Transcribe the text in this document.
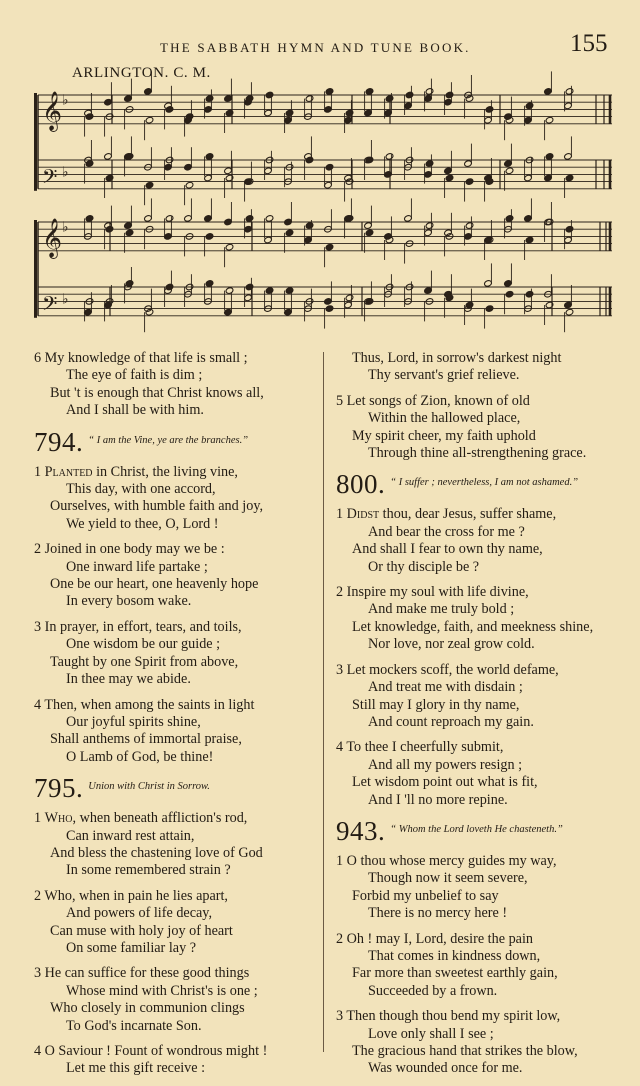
THE SABBATH HYMN AND TUNE BOOK.	155
ARLINGTON. C. M.
𝄞 ♭
𝄢 ♭
𝄞 ♭
𝄢 ♭
6 My knowledge of that life is small ;
The eye of faith is dim ;
But 't is enough that Christ knows all,
And I shall be with him.
794. $^{“ I am the Vine, ye are the branches.”}$
1 Planted in Christ, the living vine,
This day, with one accord,
Ourselves, with humble faith and joy,
We yield to thee, O, Lord !
2 Joined in one body may we be :
One inward life partake ;
One be our heart, one heavenly hope
In every bosom wake.
3 In prayer, in effort, tears, and toils,
One wisdom be our guide ;
Taught by one Spirit from above,
In thee may we abide.
4 Then, when among the saints in light
Our joyful spirits shine,
Shall anthems of immortal praise,
O Lamb of God, be thine!
795. $^{Union with Christ in Sorrow.}$
1 Who, when beneath affliction's rod,
Can inward rest attain,
And bless the chastening love of God
In some remembered strain ?
2 Who, when in pain he lies apart,
And powers of life decay,
Can muse with holy joy of heart
On some familiar lay ?
3 He can suffice for these good things
Whose mind with Christ's is one ;
Who closely in communion clings
To God's incarnate Son.
4 O Saviour ! Fount of wondrous might !
Let me this gift receive :
Thus, Lord, in sorrow's darkest night
Thy servant's grief relieve.
5 Let songs of Zion, known of old
Within the hallowed place,
My spirit cheer, my faith uphold
Through thine all-strengthening grace.
800. $^{“ I suffer ; nevertheless, I am not ashamed.”}$
1 Didst thou, dear Jesus, suffer shame,
And bear the cross for me ?
And shall I fear to own thy name,
Or thy disciple be ?
2 Inspire my soul with life divine,
And make me truly bold ;
Let knowledge, faith, and meekness shine,
Nor love, nor zeal grow cold.
3 Let mockers scoff, the world defame,
And treat me with disdain ;
Still may I glory in thy name,
And count reproach my gain.
4 To thee I cheerfully submit,
And all my powers resign ;
Let wisdom point out what is fit,
And I 'll no more repine.
943. $^{“ Whom the Lord loveth He chasteneth.”}$
1 O thou whose mercy guides my way,
Though now it seem severe,
Forbid my unbelief to say
There is no mercy here !
2 Oh ! may I, Lord, desire the pain
That comes in kindness down,
Far more than sweetest earthly gain,
Succeeded by a frown.
3 Then though thou bend my spirit low,
Love only shall I see ;
The gracious hand that strikes the blow,
Was wounded once for me.
